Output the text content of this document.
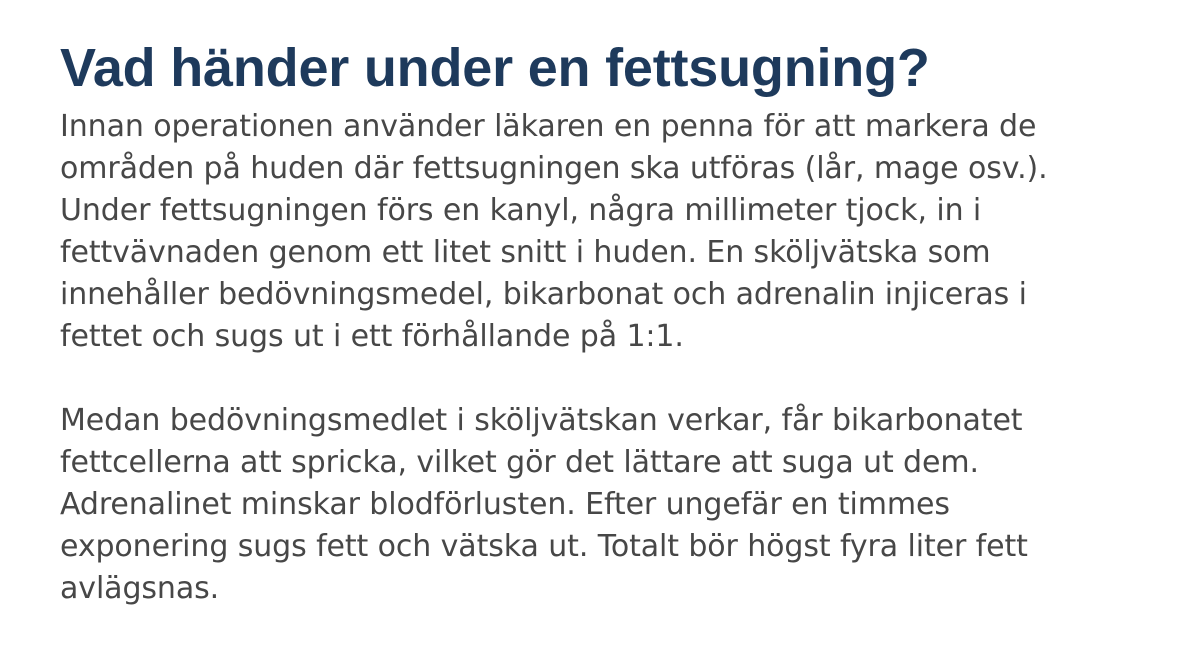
Vad händer under en fettsugning?

Innan operationen använder läkaren en penna för att markera de
områden på huden där fettsugningen ska utföras (lår, mage osv.).
Under fettsugningen förs en kanyl, några millimeter tjock, in i
fettvävnaden genom ett litet snitt i huden. En sköljvätska som
innehåller bedövningsmedel, bikarbonat och adrenalin injiceras i
fettet och sugs ut i ett förhållande på 1:1.

Medan bedövningsmedlet i sköljvätskan verkar, får bikarbonatet
fettcellerna att spricka, vilket gör det lättare att suga ut dem.
Adrenalinet minskar blodförlusten. Efter ungefär en timmes
exponering sugs fett och vätska ut. Totalt bör högst fyra liter fett
avlägsnas.
